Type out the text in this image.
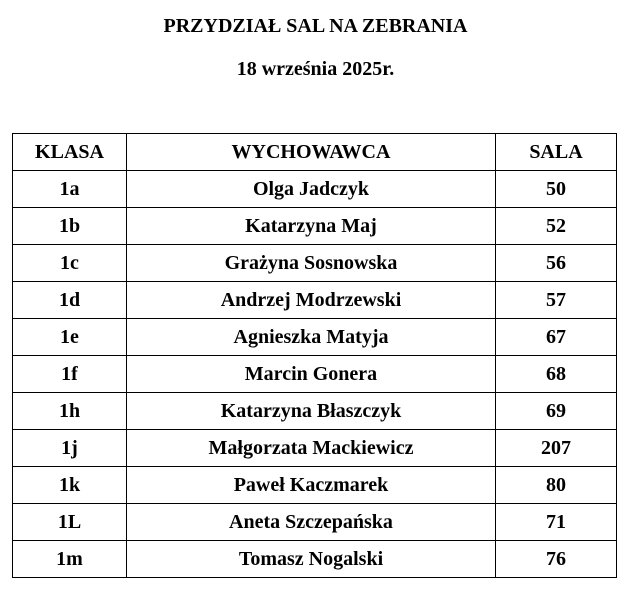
PRZYDZIAŁ SAL NA ZEBRANIA
18 września 2025r.
KLASA	WYCHOWAWCA	SALA
1a	Olga Jadczyk	50
1b	Katarzyna Maj	52
1c	Grażyna Sosnowska	56
1d	Andrzej Modrzewski	57
1e	Agnieszka Matyja	67
1f	Marcin Gonera	68
1h	Katarzyna Błaszczyk	69
1j	Małgorzata Mackiewicz	207
1k	Paweł Kaczmarek	80
1L	Aneta Szczepańska	71
1m	Tomasz Nogalski	76
